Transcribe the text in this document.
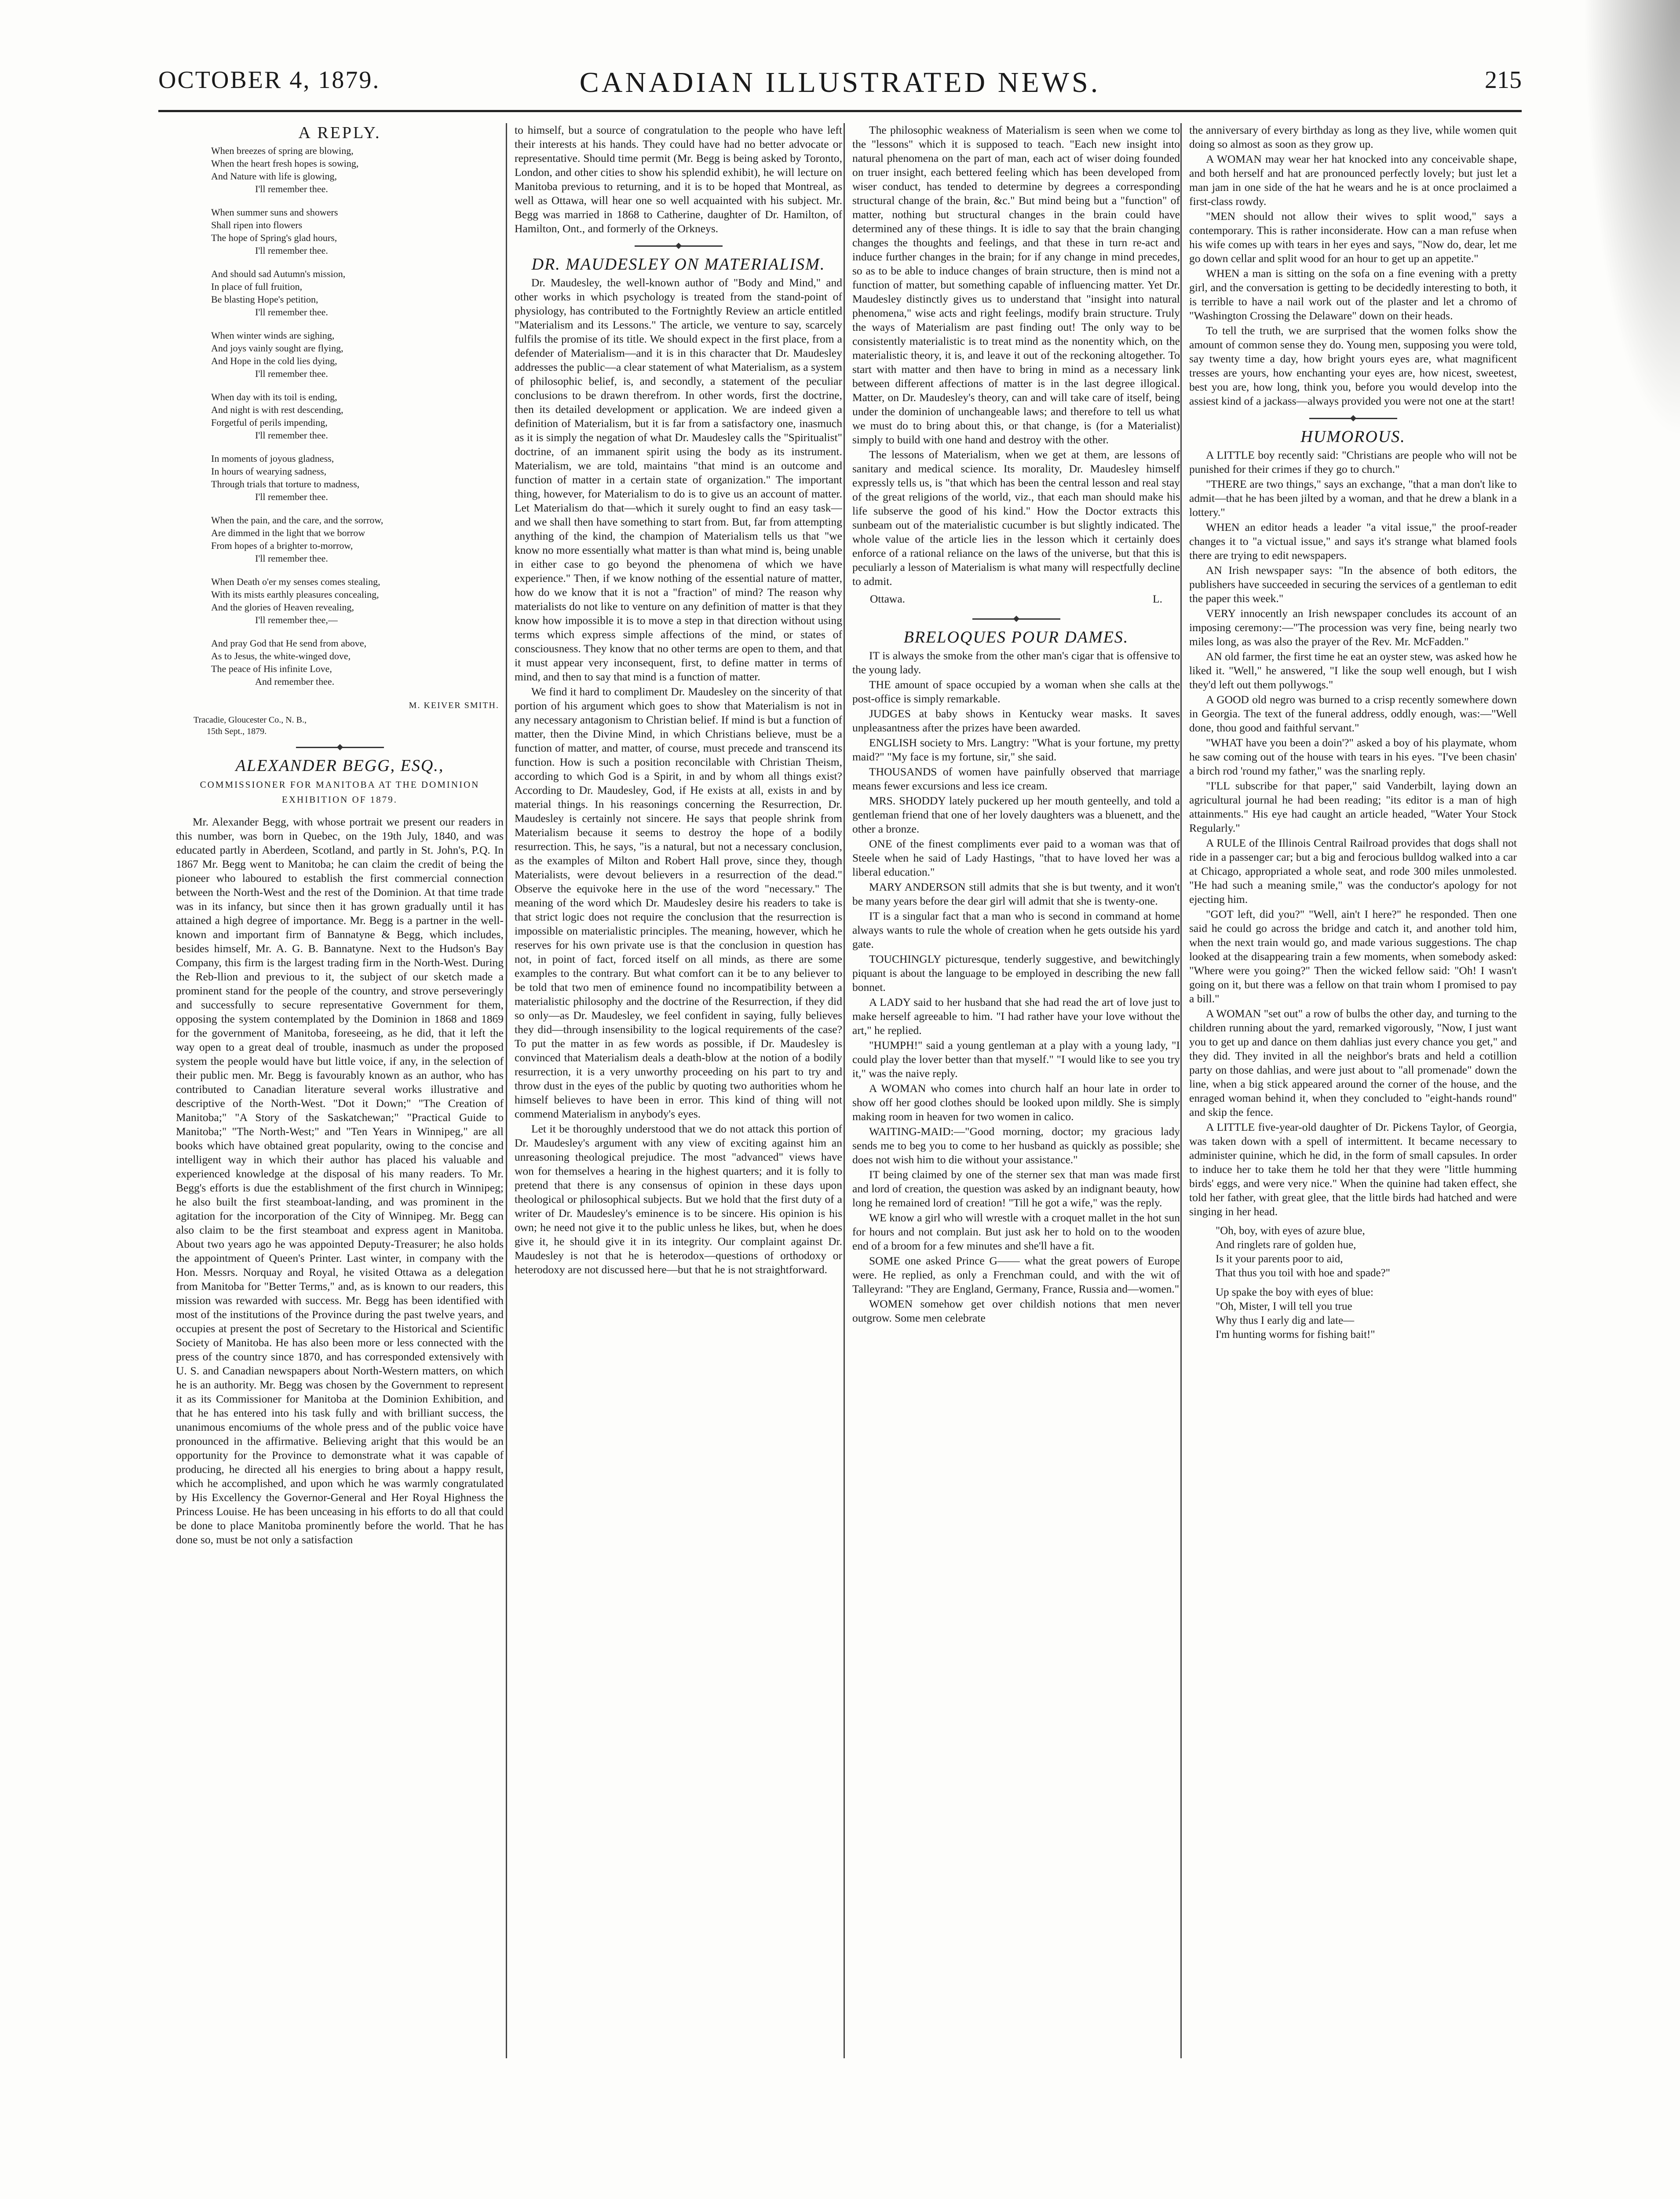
OCTOBER 4, 1879.	CANADIAN ILLUSTRATED NEWS.	215
A REPLY.
When breezes of spring are blowing,
When the heart fresh hopes is sowing,
And Nature with life is glowing,
I'll remember thee.
When summer suns and showers
Shall ripen into flowers
The hope of Spring's glad hours,
I'll remember thee.
And should sad Autumn's mission,
In place of full fruition,
Be blasting Hope's petition,
I'll remember thee.
When winter winds are sighing,
And joys vainly sought are flying,
And Hope in the cold lies dying,
I'll remember thee.
When day with its toil is ending,
And night is with rest descending,
Forgetful of perils impending,
I'll remember thee.
In moments of joyous gladness,
In hours of wearying sadness,
Through trials that torture to madness,
I'll remember thee.
When the pain, and the care, and the sorrow,
Are dimmed in the light that we borrow
From hopes of a brighter to-morrow,
I'll remember thee.
When Death o'er my senses comes stealing,
With its mists earthly pleasures concealing,
And the glories of Heaven revealing,
I'll remember thee,—
And pray God that He send from above,
As to Jesus, the white-winged dove,
The peace of His infinite Love,
And remember thee.
M. KEIVER SMITH.
Tracadie, Gloucester Co., N. B.,
15th Sept., 1879.
ALEXANDER BEGG, ESQ.,
COMMISSIONER FOR MANITOBA AT THE DOMINION EXHIBITION OF 1879.

Mr. Alexander Begg, with whose portrait we present our readers in this number, was born in Quebec, on the 19th July, 1840, and was educated partly in Aberdeen, Scotland, and partly in St. John's, P.Q. In 1867 Mr. Begg went to Manitoba; he can claim the credit of being the pioneer who laboured to establish the first commercial connection between the North-West and the rest of the Dominion. At that time trade was in its infancy, but since then it has grown gradually until it has attained a high degree of importance. Mr. Begg is a partner in the well-known and important firm of Bannatyne & Begg, which includes, besides himself, Mr. A. G. B. Bannatyne. Next to the Hudson's Bay Company, this firm is the largest trading firm in the North-West. During the Reb-llion and previous to it, the subject of our sketch made a prominent stand for the people of the country, and strove perseveringly and successfully to secure representative Government for them, opposing the system contemplated by the Dominion in 1868 and 1869 for the government of Manitoba, foreseeing, as he did, that it left the way open to a great deal of trouble, inasmuch as under the proposed system the people would have but little voice, if any, in the selection of their public men. Mr. Begg is favourably known as an author, who has contributed to Canadian literature several works illustrative and descriptive of the North-West. "Dot it Down;" "The Creation of Manitoba;" "A Story of the Saskatchewan;" "Practical Guide to Manitoba;" "The North-West;" and "Ten Years in Winnipeg," are all books which have obtained great popularity, owing to the concise and intelligent way in which their author has placed his valuable and experienced knowledge at the disposal of his many readers. To Mr. Begg's efforts is due the establishment of the first church in Winnipeg; he also built the first steamboat-landing, and was prominent in the agitation for the incorporation of the City of Winnipeg. Mr. Begg can also claim to be the first steamboat and express agent in Manitoba. About two years ago he was appointed Deputy-Treasurer; he also holds the appointment of Queen's Printer. Last winter, in company with the Hon. Messrs. Norquay and Royal, he visited Ottawa as a delegation from Manitoba for "Better Terms," and, as is known to our readers, this mission was rewarded with success. Mr. Begg has been identified with most of the institutions of the Province during the past twelve years, and occupies at present the post of Secretary to the Historical and Scientific Society of Manitoba. He has also been more or less connected with the press of the country since 1870, and has corresponded extensively with U. S. and Canadian newspapers about North-Western matters, on which he is an authority. Mr. Begg was chosen by the Government to represent it as its Commissioner for Manitoba at the Dominion Exhibition, and that he has entered into his task fully and with brilliant success, the unanimous encomiums of the whole press and of the public voice have pronounced in the affirmative. Believing aright that this would be an opportunity for the Province to demonstrate what it was capable of producing, he directed all his energies to bring about a happy result, which he accomplished, and upon which he was warmly congratulated by His Excellency the Governor-General and Her Royal Highness the Princess Louise. He has been unceasing in his efforts to do all that could be done to place Manitoba prominently before the world. That he has done so, must be not only a satisfaction

to himself, but a source of congratulation to the people who have left their interests at his hands. They could have had no better advocate or representative. Should time permit (Mr. Begg is being asked by Toronto, London, and other cities to show his splendid exhibit), he will lecture on Manitoba previous to returning, and it is to be hoped that Montreal, as well as Ottawa, will hear one so well acquainted with his subject. Mr. Begg was married in 1868 to Catherine, daughter of Dr. Hamilton, of Hamilton, Ont., and formerly of the Orkneys.

DR. MAUDESLEY ON MATERIALISM.

Dr. Maudesley, the well-known author of "Body and Mind," and other works in which psychology is treated from the stand-point of physiology, has contributed to the Fortnightly Review an article entitled "Materialism and its Lessons." The article, we venture to say, scarcely fulfils the promise of its title. We should expect in the first place, from a defender of Materialism—and it is in this character that Dr. Maudesley addresses the public—a clear statement of what Materialism, as a system of philosophic belief, is, and secondly, a statement of the peculiar conclusions to be drawn therefrom. In other words, first the doctrine, then its detailed development or application. We are indeed given a definition of Materialism, but it is far from a satisfactory one, inasmuch as it is simply the negation of what Dr. Maudesley calls the "Spiritualist" doctrine, of an immanent spirit using the body as its instrument. Materialism, we are told, maintains "that mind is an outcome and function of matter in a certain state of organization." The important thing, however, for Materialism to do is to give us an account of matter. Let Materialism do that—which it surely ought to find an easy task—and we shall then have something to start from. But, far from attempting anything of the kind, the champion of Materialism tells us that "we know no more essentially what matter is than what mind is, being unable in either case to go beyond the phenomena of which we have experience." Then, if we know nothing of the essential nature of matter, how do we know that it is not a "fraction" of mind? The reason why materialists do not like to venture on any definition of matter is that they know how impossible it is to move a step in that direction without using terms which express simple affections of the mind, or states of consciousness. They know that no other terms are open to them, and that it must appear very inconsequent, first, to define matter in terms of mind, and then to say that mind is a function of matter.

We find it hard to compliment Dr. Maudesley on the sincerity of that portion of his argument which goes to show that Materialism is not in any necessary antagonism to Christian belief. If mind is but a function of matter, then the Divine Mind, in which Christians believe, must be a function of matter, and matter, of course, must precede and transcend its function. How is such a position reconcilable with Christian Theism, according to which God is a Spirit, in and by whom all things exist? According to Dr. Maudesley, God, if He exists at all, exists in and by material things. In his reasonings concerning the Resurrection, Dr. Maudesley is certainly not sincere. He says that people shrink from Materialism because it seems to destroy the hope of a bodily resurrection. This, he says, "is a natural, but not a necessary conclusion, as the examples of Milton and Robert Hall prove, since they, though Materialists, were devout believers in a resurrection of the dead." Observe the equivoke here in the use of the word "necessary." The meaning of the word which Dr. Maudesley desire his readers to take is that strict logic does not require the conclusion that the resurrection is impossible on materialistic principles. The meaning, however, which he reserves for his own private use is that the conclusion in question has not, in point of fact, forced itself on all minds, as there are some examples to the contrary. But what comfort can it be to any believer to be told that two men of eminence found no incompatibility between a materialistic philosophy and the doctrine of the Resurrection, if they did so only—as Dr. Maudesley, we feel confident in saying, fully believes they did—through insensibility to the logical requirements of the case? To put the matter in as few words as possible, if Dr. Maudesley is convinced that Materialism deals a death-blow at the notion of a bodily resurrection, it is a very unworthy proceeding on his part to try and throw dust in the eyes of the public by quoting two authorities whom he himself believes to have been in error. This kind of thing will not commend Materialism in anybody's eyes.

Let it be thoroughly understood that we do not attack this portion of Dr. Maudesley's argument with any view of exciting against him an unreasoning theological prejudice. The most "advanced" views have won for themselves a hearing in the highest quarters; and it is folly to pretend that there is any consensus of opinion in these days upon theological or philosophical subjects. But we hold that the first duty of a writer of Dr. Maudesley's eminence is to be sincere. His opinion is his own; he need not give it to the public unless he likes, but, when he does give it, he should give it in its integrity. Our complaint against Dr. Maudesley is not that he is heterodox—questions of orthodoxy or heterodoxy are not discussed here—but that he is not straightforward.

The philosophic weakness of Materialism is seen when we come to the "lessons" which it is supposed to teach. "Each new insight into natural phenomena on the part of man, each act of wiser doing founded on truer insight, each bettered feeling which has been developed from wiser conduct, has tended to determine by degrees a corresponding structural change of the brain, &c." But mind being but a "function" of matter, nothing but structural changes in the brain could have determined any of these things. It is idle to say that the brain changing changes the thoughts and feelings, and that these in turn re-act and induce further changes in the brain; for if any change in mind precedes, so as to be able to induce changes of brain structure, then is mind not a function of matter, but something capable of influencing matter. Yet Dr. Maudesley distinctly gives us to understand that "insight into natural phenomena," wise acts and right feelings, modify brain structure. Truly the ways of Materialism are past finding out! The only way to be consistently materialistic is to treat mind as the nonentity which, on the materialistic theory, it is, and leave it out of the reckoning altogether. To start with matter and then have to bring in mind as a necessary link between different affections of matter is in the last degree illogical. Matter, on Dr. Maudesley's theory, can and will take care of itself, being under the dominion of unchangeable laws; and therefore to tell us what we must do to bring about this, or that change, is (for a Materialist) simply to build with one hand and destroy with the other.

The lessons of Materialism, when we get at them, are lessons of sanitary and medical science. Its morality, Dr. Maudesley himself expressly tells us, is "that which has been the central lesson and real stay of the great religions of the world, viz., that each man should make his life subserve the good of his kind." How the Doctor extracts this sunbeam out of the materialistic cucumber is but slightly indicated. The whole value of the article lies in the lesson which it certainly does enforce of a rational reliance on the laws of the universe, but that this is peculiarly a lesson of Materialism is what many will respectfully decline to admit.

Ottawa.	L.
BRELOQUES POUR DAMES.

IT is always the smoke from the other man's cigar that is offensive to the young lady.

THE amount of space occupied by a woman when she calls at the post-office is simply remarkable.

JUDGES at baby shows in Kentucky wear masks. It saves unpleasantness after the prizes have been awarded.

ENGLISH society to Mrs. Langtry: "What is your fortune, my pretty maid?" "My face is my fortune, sir," she said.

THOUSANDS of women have painfully observed that marriage means fewer excursions and less ice cream.

MRS. SHODDY lately puckered up her mouth genteelly, and told a gentleman friend that one of her lovely daughters was a bluenett, and the other a bronze.

ONE of the finest compliments ever paid to a woman was that of Steele when he said of Lady Hastings, "that to have loved her was a liberal education."

MARY ANDERSON still admits that she is but twenty, and it won't be many years before the dear girl will admit that she is twenty-one.

IT is a singular fact that a man who is second in command at home always wants to rule the whole of creation when he gets outside his yard gate.

TOUCHINGLY picturesque, tenderly suggestive, and bewitchingly piquant is about the language to be employed in describing the new fall bonnet.

A LADY said to her husband that she had read the art of love just to make herself agreeable to him. "I had rather have your love without the art," he replied.

"HUMPH!" said a young gentleman at a play with a young lady, "I could play the lover better than that myself." "I would like to see you try it," was the naive reply.

A WOMAN who comes into church half an hour late in order to show off her good clothes should be looked upon mildly. She is simply making room in heaven for two women in calico.

WAITING-MAID:—"Good morning, doctor; my gracious lady sends me to beg you to come to her husband as quickly as possible; she does not wish him to die without your assistance."

IT being claimed by one of the sterner sex that man was made first and lord of creation, the question was asked by an indignant beauty, how long he remained lord of creation! "Till he got a wife," was the reply.

WE know a girl who will wrestle with a croquet mallet in the hot sun for hours and not complain. But just ask her to hold on to the wooden end of a broom for a few minutes and she'll have a fit.

SOME one asked Prince G—— what the great powers of Europe were. He replied, as only a Frenchman could, and with the wit of Talleyrand: "They are England, Germany, France, Russia and—women."

WOMEN somehow get over childish notions that men never outgrow. Some men celebrate

the anniversary of every birthday as long as they live, while women quit doing so almost as soon as they grow up.

A WOMAN may wear her hat knocked into any conceivable shape, and both herself and hat are pronounced perfectly lovely; but just let a man jam in one side of the hat he wears and he is at once proclaimed a first-class rowdy.

"MEN should not allow their wives to split wood," says a contemporary. This is rather inconsiderate. How can a man refuse when his wife comes up with tears in her eyes and says, "Now do, dear, let me go down cellar and split wood for an hour to get up an appetite."

WHEN a man is sitting on the sofa on a fine evening with a pretty girl, and the conversation is getting to be decidedly interesting to both, it is terrible to have a nail work out of the plaster and let a chromo of "Washington Crossing the Delaware" down on their heads.

To tell the truth, we are surprised that the women folks show the amount of common sense they do. Young men, supposing you were told, say twenty time a day, how bright yours eyes are, what magnificent tresses are yours, how enchanting your eyes are, how nicest, sweetest, best you are, how long, think you, before you would develop into the assiest kind of a jackass—always provided you were not one at the start!

HUMOROUS.

A LITTLE boy recently said: "Christians are people who will not be punished for their crimes if they go to church."

"THERE are two things," says an exchange, "that a man don't like to admit—that he has been jilted by a woman, and that he drew a blank in a lottery."

WHEN an editor heads a leader "a vital issue," the proof-reader changes it to "a victual issue," and says it's strange what blamed fools there are trying to edit newspapers.

AN Irish newspaper says: "In the absence of both editors, the publishers have succeeded in securing the services of a gentleman to edit the paper this week."

VERY innocently an Irish newspaper concludes its account of an imposing ceremony:—"The procession was very fine, being nearly two miles long, as was also the prayer of the Rev. Mr. McFadden."

AN old farmer, the first time he eat an oyster stew, was asked how he liked it. "Well," he answered, "I like the soup well enough, but I wish they'd left out them pollywogs."

A GOOD old negro was burned to a crisp recently somewhere down in Georgia. The text of the funeral address, oddly enough, was:—"Well done, thou good and faithful servant."

"WHAT have you been a doin'?" asked a boy of his playmate, whom he saw coming out of the house with tears in his eyes. "I've been chasin' a birch rod 'round my father," was the snarling reply.

"I'LL subscribe for that paper," said Vanderbilt, laying down an agricultural journal he had been reading; "its editor is a man of high attainments." His eye had caught an article headed, "Water Your Stock Regularly."

A RULE of the Illinois Central Railroad provides that dogs shall not ride in a passenger car; but a big and ferocious bulldog walked into a car at Chicago, appropriated a whole seat, and rode 300 miles unmolested. "He had such a meaning smile," was the conductor's apology for not ejecting him.

"GOT left, did you?" "Well, ain't I here?" he responded. Then one said he could go across the bridge and catch it, and another told him, when the next train would go, and made various suggestions. The chap looked at the disappearing train a few moments, when somebody asked: "Where were you going?" Then the wicked fellow said: "Oh! I wasn't going on it, but there was a fellow on that train whom I promised to pay a bill."

A WOMAN "set out" a row of bulbs the other day, and turning to the children running about the yard, remarked vigorously, "Now, I just want you to get up and dance on them dahlias just every chance you get," and they did. They invited in all the neighbor's brats and held a cotillion party on those dahlias, and were just about to "all promenade" down the line, when a big stick appeared around the corner of the house, and the enraged woman behind it, when they concluded to "eight-hands round" and skip the fence.

A LITTLE five-year-old daughter of Dr. Pickens Taylor, of Georgia, was taken down with a spell of intermittent. It became necessary to administer quinine, which he did, in the form of small capsules. In order to induce her to take them he told her that they were "little humming birds' eggs, and were very nice." When the quinine had taken effect, she told her father, with great glee, that the little birds had hatched and were singing in her head.

"Oh, boy, with eyes of azure blue,
And ringlets rare of golden hue,
Is it your parents poor to aid,
That thus you toil with hoe and spade?"
Up spake the boy with eyes of blue:
"Oh, Mister, I will tell you true
Why thus I early dig and late—
I'm hunting worms for fishing bait!"
